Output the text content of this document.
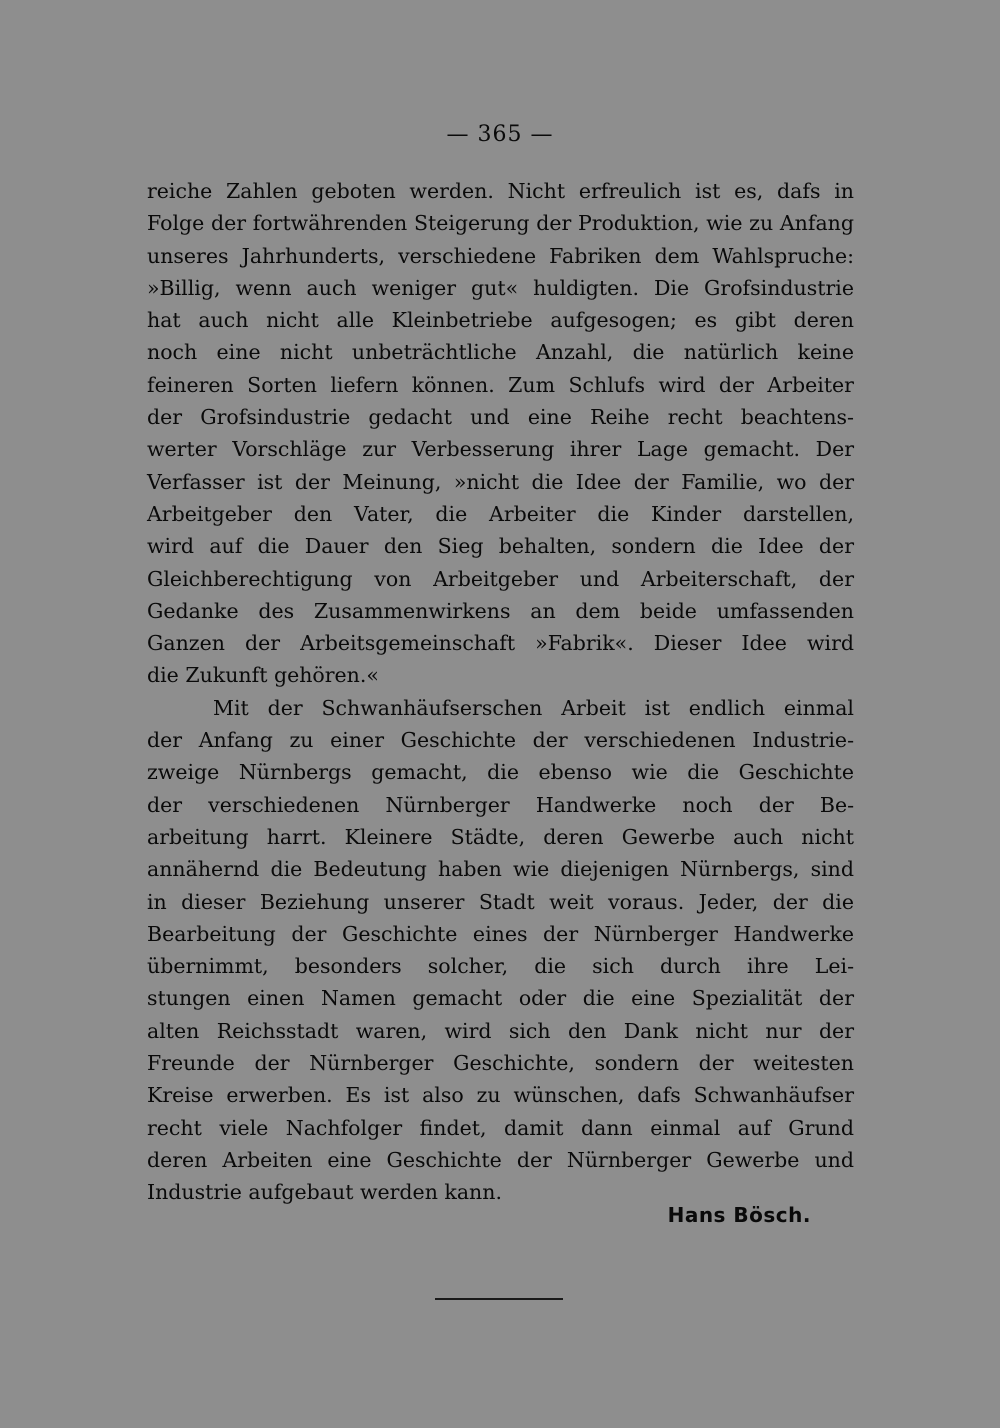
— 365 —
reiche Zahlen geboten werden. Nicht erfreulich ist es, dafs in
Folge der fortwährenden Steigerung der Produktion, wie zu Anfang
unseres Jahrhunderts, verschiedene Fabriken dem Wahlspruche:
»Billig, wenn auch weniger gut« huldigten. Die Grofsindustrie
hat auch nicht alle Kleinbetriebe aufgesogen; es gibt deren
noch eine nicht unbeträchtliche Anzahl, die natürlich keine
feineren Sorten liefern können. Zum Schlufs wird der Arbeiter
der Grofsindustrie gedacht und eine Reihe recht beachtens-
werter Vorschläge zur Verbesserung ihrer Lage gemacht. Der
Verfasser ist der Meinung, »nicht die Idee der Familie, wo der
Arbeitgeber den Vater, die Arbeiter die Kinder darstellen,
wird auf die Dauer den Sieg behalten, sondern die Idee der
Gleichberechtigung von Arbeitgeber und Arbeiterschaft, der
Gedanke des Zusammenwirkens an dem beide umfassenden
Ganzen der Arbeitsgemeinschaft »Fabrik«. Dieser Idee wird
die Zukunft gehören.«
Mit der Schwanhäufserschen Arbeit ist endlich einmal
der Anfang zu einer Geschichte der verschiedenen Industrie-
zweige Nürnbergs gemacht, die ebenso wie die Geschichte
der verschiedenen Nürnberger Handwerke noch der Be-
arbeitung harrt. Kleinere Städte, deren Gewerbe auch nicht
annähernd die Bedeutung haben wie diejenigen Nürnbergs, sind
in dieser Beziehung unserer Stadt weit voraus. Jeder, der die
Bearbeitung der Geschichte eines der Nürnberger Handwerke
übernimmt, besonders solcher, die sich durch ihre Lei-
stungen einen Namen gemacht oder die eine Spezialität der
alten Reichsstadt waren, wird sich den Dank nicht nur der
Freunde der Nürnberger Geschichte, sondern der weitesten
Kreise erwerben. Es ist also zu wünschen, dafs Schwanhäufser
recht viele Nachfolger findet, damit dann einmal auf Grund
deren Arbeiten eine Geschichte der Nürnberger Gewerbe und
Industrie aufgebaut werden kann.
Hans Bösch.
